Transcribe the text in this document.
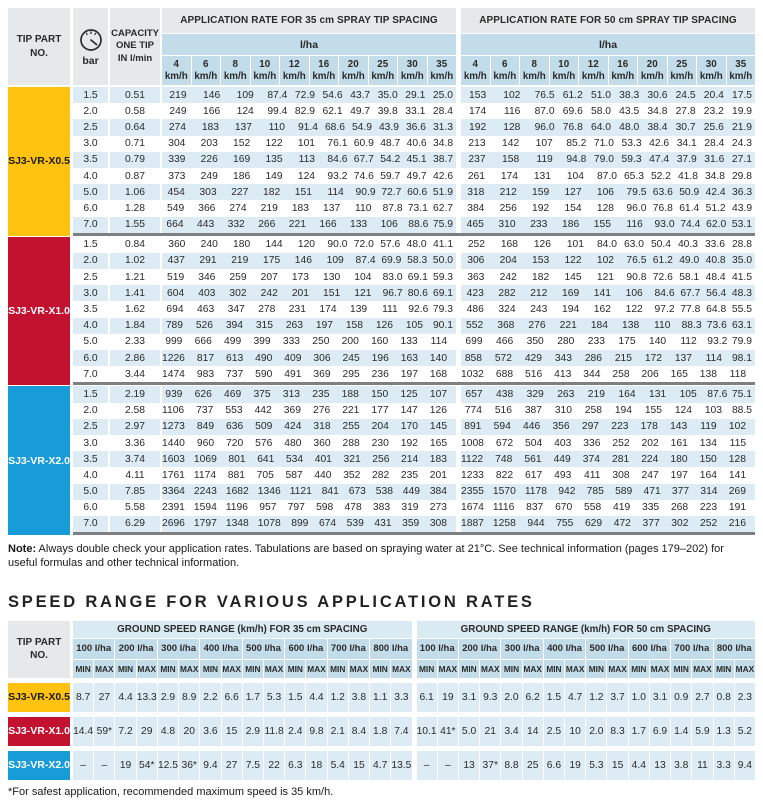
TIP PART NO.
bar
CAPACITY ONE TIP IN l/min
APPLICATION RATE FOR 35 cm SPRAY TIP SPACING
l/ha
4
km/h
6
km/h
8
km/h
10
km/h
12
km/h
16
km/h
20
km/h
25
km/h
30
km/h
35
km/h
APPLICATION RATE FOR 50 cm SPRAY TIP SPACING
l/ha
4
km/h
6
km/h
8
km/h
10
km/h
12
km/h
16
km/h
20
km/h
25
km/h
30
km/h
35
km/h
SJ3-VR-X0.5
1.5	0.51	219	146	109	87.4 72.9 54.6 43.7 35.0 29.1 25.0	153	102	76.5 61.2 51.0 38.3 30.6 24.5 20.4 17.5
2.0	0.58	249	166	124	99.4 82.9 62.1 49.7 39.8 33.1 28.4	174	116	87.0 69.6 58.0 43.5 34.8 27.8 23.2 19.9
2.5	0.64	274	183	137	110	91.4 68.6 54.9 43.9 36.6 31.3	192	128	96.0 76.8 64.0 48.0 38.4 30.7 25.6 21.9
3.0	0.71	304	203	152	122	101	76.1 60.9 48.7 40.6 34.8	213	142	107	85.2 71.0 53.3 42.6 34.1 28.4 24.3
3.5	0.79	339	226	169	135	113	84.6 67.7 54.2 45.1 38.7	237	158	119	94.8 79.0 59.3 47.4 37.9 31.6 27.1
4.0	0.87	373	249	186	149	124	93.2 74.6 59.7 49.7 42.6	261	174	131	104	87.0 65.3 52.2 41.8 34.8 29.8
5.0	1.06	454	303	227	182	151	114	90.9 72.7 60.6 51.9	318	212	159	127	106	79.5 63.6 50.9 42.4 36.3
6.0	1.28	549	366	274	219	183	137	110	87.8 73.1 62.7	384	256	192	154	128	96.0 76.8 61.4 51.2 43.9
7.0	1.55	664	443	332	266	221	166	133	106	88.6 75.9	465	310	233	186	155	116	93.0 74.4 62.0 53.1
SJ3-VR-X1.0
1.5	0.84	360	240	180	144	120	90.0 72.0 57.6 48.0 41.1	252	168	126	101	84.0 63.0 50.4 40.3 33.6 28.8
2.0	1.02	437	291	219	175	146	109	87.4 69.9 58.3 50.0	306	204	153	122	102	76.5 61.2 49.0 40.8 35.0
2.5	1.21	519	346	259	207	173	130	104	83.0 69.1 59.3	363	242	182	145	121	90.8 72.6 58.1 48.4 41.5
3.0	1.41	604	403	302	242	201	151	121	96.7 80.6 69.1	423	282	212	169	141	106	84.6 67.7 56.4 48.3
3.5	1.62	694	463	347	278	231	174	139	111	92.6 79.3	486	324	243	194	162	122	97.2 77.8 64.8 55.5
4.0	1.84	789	526	394	315	263	197	158	126	105 90.1	552	368	276	221	184	138	110	88.3 73.6 63.1
5.0	2.33	999	666	499	399	333	250	200	160	133	114	699	466	350	280	233	175	140	112	93.2 79.9
6.0	2.86	1226	817	613	490	409	306	245	196	163	140	858	572	429	343	286	215	172	137	114 98.1
7.0	3.44	1474	983	737	590	491	369	295	236	197	168	1032	688	516	413	344	258	206	165	138	118
SJ3-VR-X2.0
1.5	2.19	939	626	469	375	313	235	188	150	125	107	657	438	329	263	219	164	131	105	87.6 75.1
2.0	2.58	1106	737	553	442	369	276	221	177	147	126	774	516	387	310	258	194	155	124	103 88.5
2.5	2.97	1273	849	636	509	424	318	255	204	170	145	891	594	446	356	297	223	178	143	119	102
3.0	3.36	1440	960	720	576	480	360	288	230	192	165	1008	672	504	403	336	252	202	161	134	115
3.5	3.74	1603 1069	801	641	534	401	321	256	214	183	1122	748	561	449	374	281	224	180	150	128
4.0	4.11	1761 1174	881	705	587	440	352	282	235	201	1233	822	617	493	411	308	247	197	164	141
5.0	7.85	3364 2243 1682 1346 1121 841 673 538 449 384	2355 1570 1178	942	785	589	471	377	314	269
6.0	5.58	2391 1594 1196	957	797	598	478	383	319	273	1674 1116	837	670	558	419	335	268	223	191
7.0	6.29	2696 1797 1348 1078	899	674	539	431	359	308	1887 1258	944	755	629	472	377	302	252	216
Note: Always double check your application rates. Tabulations are based on spraying water at 21°C. See technical information (pages 179–202) for useful formulas and other technical information.
SPEED RANGE FOR VARIOUS APPLICATION RATES
TIP PART NO.
GROUND SPEED RANGE (km/h) FOR 35 cm SPACING
100 l/ha 200 l/ha 300 l/ha 400 l/ha 500 l/ha 600 l/ha 700 l/ha 800 l/ha
MIN MAX MIN MAX MIN MAX MIN MAX MIN MAX MIN MAX MIN MAX MIN MAX
GROUND SPEED RANGE (km/h) FOR 50 cm SPACING
100 l/ha 200 l/ha 300 l/ha 400 l/ha 500 l/ha 600 l/ha 700 l/ha 800 l/ha
MIN MAX MIN MAX MIN MAX MIN MAX MIN MAX MIN MAX MIN MAX MIN MAX
SJ3-VR-X0.5 8.7 27 4.4 13.3 2.9 8.9 2.2 6.6 1.7 5.3 1.5 4.4 1.2 3.8 1.1 3.3 6.1 19 3.1 9.3 2.0 6.2 1.5 4.7 1.2 3.7 1.0 3.1 0.9 2.7 0.8 2.3
SJ3-VR-X1.0 14.4 59* 7.2 29 4.8 20 3.6 15 2.9 11.8 2.4 9.8 2.1 8.4 1.8 7.4 10.1 41* 5.0 21 3.4 14 2.5 10 2.0 8.3 1.7 6.9 1.4 5.9 1.3 5.2
SJ3-VR-X2.0 –	–	19 54* 12.5 36* 9.4 27 7.5 22 6.3 18 5.4 15 4.7 13.5	–	–	13 37* 8.8 25 6.6 19 5.3 15 4.4 13 3.8 11 3.3 9.4
*For safest application, recommended maximum speed is 35 km/h.
